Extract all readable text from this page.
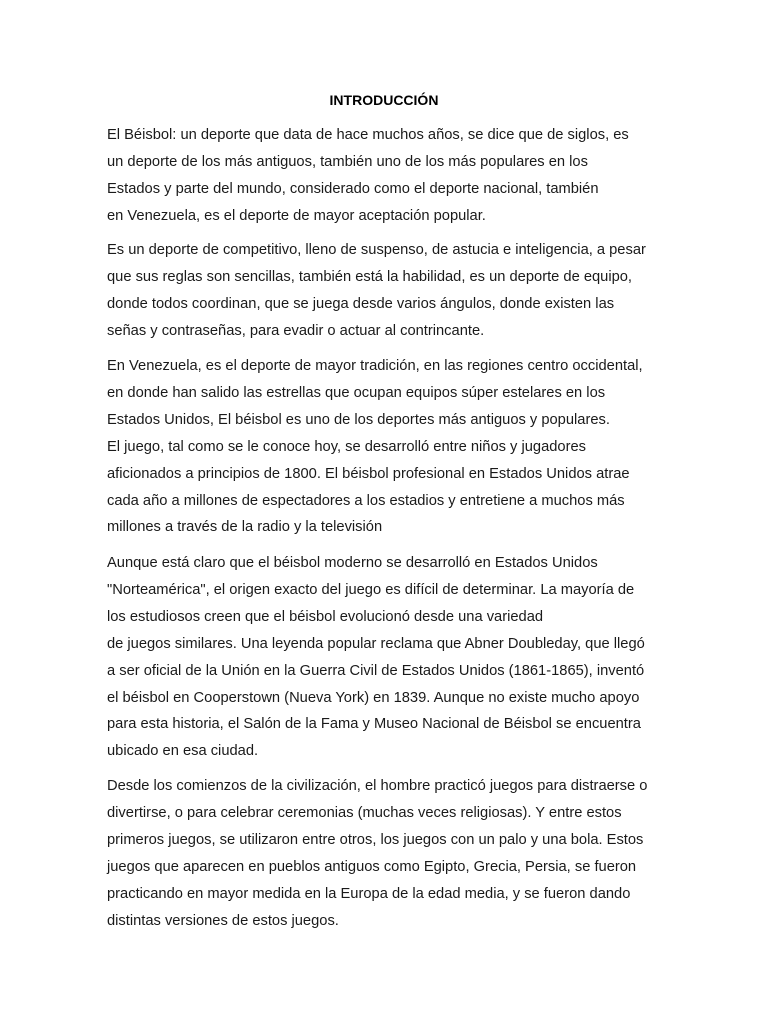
INTRODUCCIÓN

El Béisbol: un deporte que data de hace muchos años, se dice que de siglos, es
un deporte de los más antiguos, también uno de los más populares en los
Estados y parte del mundo, considerado como el deporte nacional, también
en Venezuela, es el deporte de mayor aceptación popular.

Es un deporte de competitivo, lleno de suspenso, de astucia e inteligencia, a pesar
que sus reglas son sencillas, también está la habilidad, es un deporte de equipo,
donde todos coordinan, que se juega desde varios ángulos, donde existen las
señas y contraseñas, para evadir o actuar al contrincante.

En Venezuela, es el deporte de mayor tradición, en las regiones centro occidental,
en donde han salido las estrellas que ocupan equipos súper estelares en los
Estados Unidos, El béisbol es uno de los deportes más antiguos y populares.
El juego, tal como se le conoce hoy, se desarrolló entre niños y jugadores
aficionados a principios de 1800. El béisbol profesional en Estados Unidos atrae
cada año a millones de espectadores a los estadios y entretiene a muchos más
millones a través de la radio y la televisión

Aunque está claro que el béisbol moderno se desarrolló en Estados Unidos
"Norteamérica", el origen exacto del juego es difícil de determinar. La mayoría de
los estudiosos creen que el béisbol evolucionó desde una variedad
de juegos similares. Una leyenda popular reclama que Abner Doubleday, que llegó
a ser oficial de la Unión en la Guerra Civil de Estados Unidos (1861-1865), inventó
el béisbol en Cooperstown (Nueva York) en 1839. Aunque no existe mucho apoyo
para esta historia, el Salón de la Fama y Museo Nacional de Béisbol se encuentra
ubicado en esa ciudad.

Desde los comienzos de la civilización, el hombre practicó juegos para distraerse o
divertirse, o para celebrar ceremonias (muchas veces religiosas). Y entre estos
primeros juegos, se utilizaron entre otros, los juegos con un palo y una bola. Estos
juegos que aparecen en pueblos antiguos como Egipto, Grecia, Persia, se fueron
practicando en mayor medida en la Europa de la edad media, y se fueron dando
distintas versiones de estos juegos.
